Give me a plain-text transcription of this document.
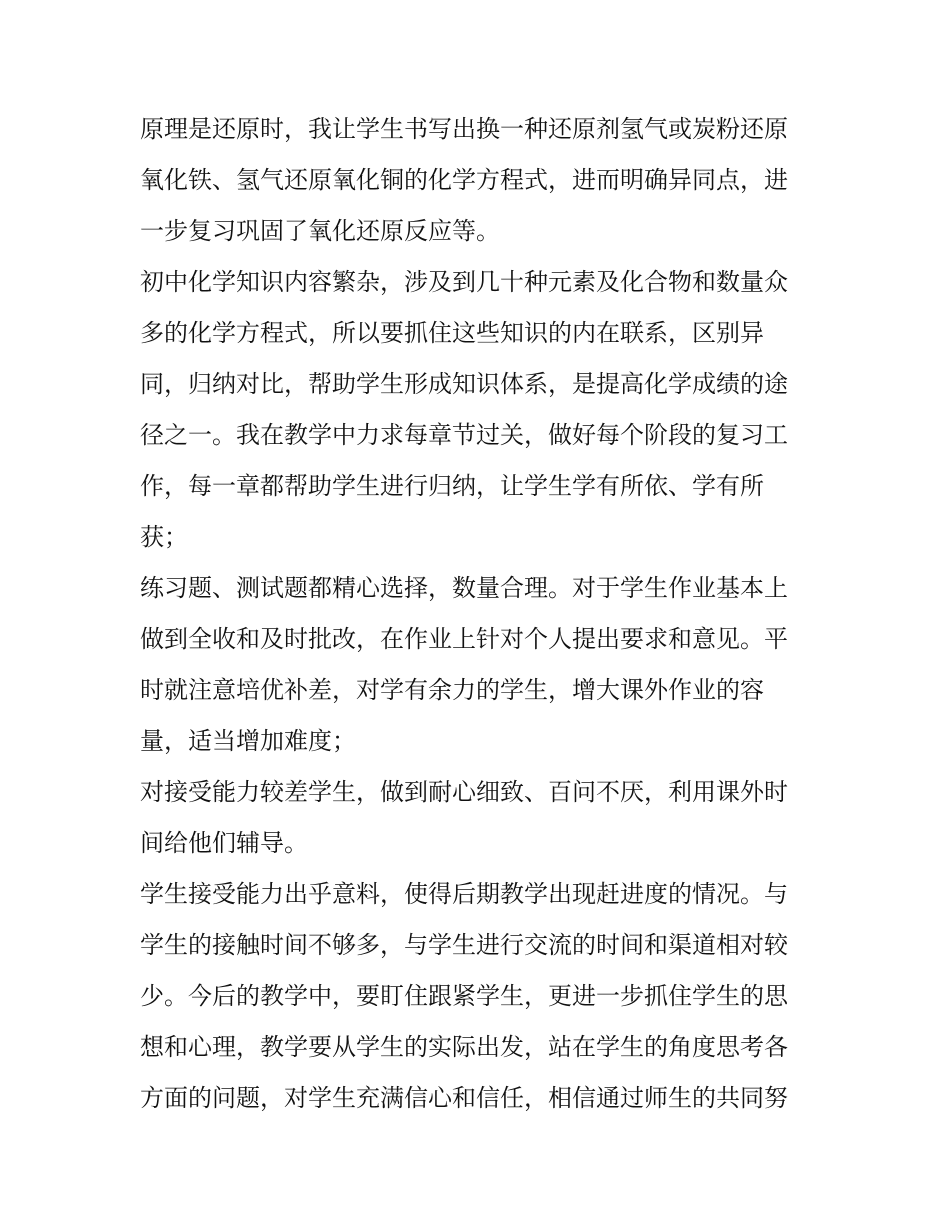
原理是还原时，我让学生书写出换一种还原剂氢气或炭粉还原
氧化铁、氢气还原氧化铜的化学方程式，进而明确异同点，进
一步复习巩固了氧化还原反应等。
初中化学知识内容繁杂，涉及到几十种元素及化合物和数量众
多的化学方程式，所以要抓住这些知识的内在联系，区别异
同，归纳对比，帮助学生形成知识体系，是提高化学成绩的途
径之一。我在教学中力求每章节过关，做好每个阶段的复习工
作，每一章都帮助学生进行归纳，让学生学有所依、学有所
获；
练习题、测试题都精心选择，数量合理。对于学生作业基本上
做到全收和及时批改，在作业上针对个人提出要求和意见。平
时就注意培优补差，对学有余力的学生，增大课外作业的容
量，适当增加难度；
对接受能力较差学生，做到耐心细致、百问不厌，利用课外时
间给他们辅导。
学生接受能力出乎意料，使得后期教学出现赶进度的情况。与
学生的接触时间不够多，与学生进行交流的时间和渠道相对较
少。今后的教学中，要盯住跟紧学生，更进一步抓住学生的思
想和心理，教学要从学生的实际出发，站在学生的角度思考各
方面的问题，对学生充满信心和信任，相信通过师生的共同努
